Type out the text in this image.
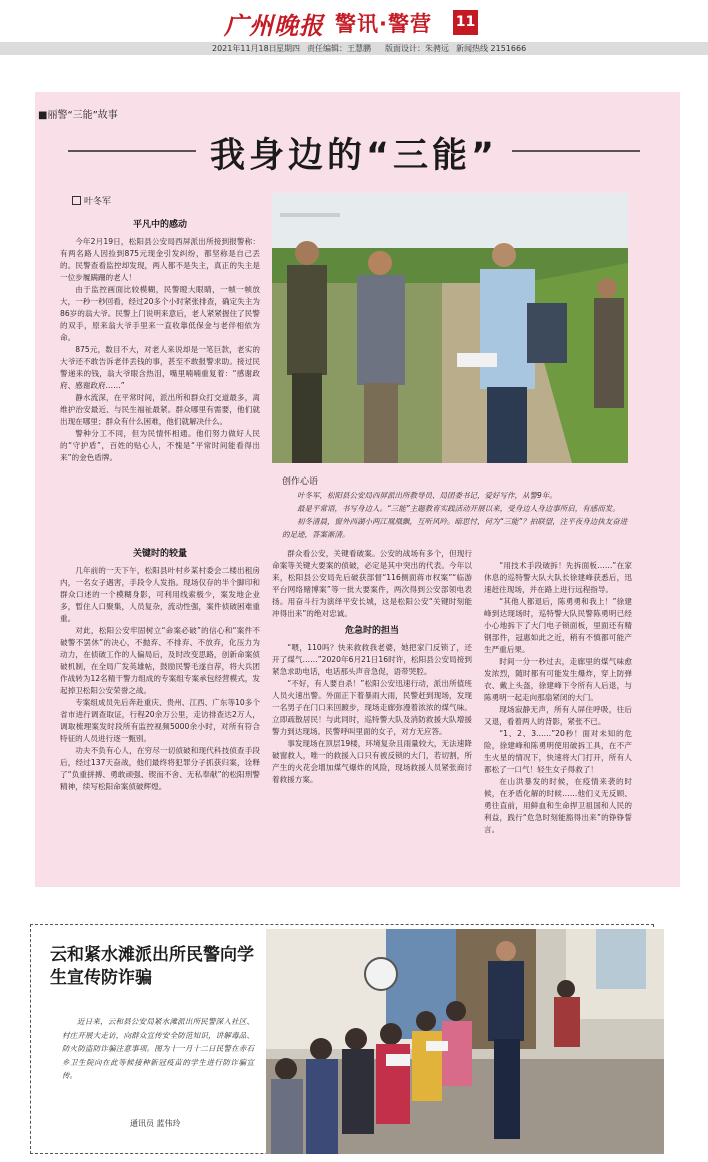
广州晚报 警讯·警营 11
2021年11月18日 星期四 责任编辑：王慧鹏 版面设计：朱骋远 新闻热线 2151666
■丽警“三能”故事
我身边的“三能”
叶冬军
平凡中的感动

今年2月19日，松阳县公安局西屏派出所接到报警称：有两名路人因捡到875元现金引发纠纷，都坚称是自己丢的。民警查看监控却发现，两人都不是失主，真正的失主是一位步履蹒跚的老人！

由于监控画面比较模糊，民警瞪大眼睛，一帧一帧放大，一秒一秒回看，经过20多个小时紧张排查，确定失主为86岁的翁大爷。民警上门说明来意后，老人紧紧握住了民警的双手，原来翁大爷手里来一直收靠低保金与老伴相依为命。

875元，数目不大，对老人来说却是一笔巨款，老实的大爷还不敢告诉老伴丢钱的事，甚至不敢报警求助。接过民警递来的钱，翁大爷眼含热泪，嘴里喃喃重复着：“感谢政府、感谢政府……”

静水流深，在平常时间，派出所和群众打交道最多，离维护治安最近、与民生福祉最紧。群众哪里有需要，他们就出现在哪里；群众有什么困难，他们就解决什么。

警种分工不同，但为民情怀相通。他们努力做好人民的“守护盾”，百姓的贴心人，不愧是“平常时间能看得出来”的金色盾牌。

关键时的较量

几年前的一天下午，松阳县叶村乡某村委会二楼出租房内，一名女子遇害，手段令人发指。现场仅存的半个脚印和群众口述的一个模糊身影，可利用线索极少，案发地企业多，暂住人口聚集，人员复杂，流动性强，案件侦破困难重重。

对此，松阳公安牢固树立“命案必破”的信心和“案件不破警不罢休”的决心，不抛弃、不排弃、不放弃，化压力为动力，在侦破工作的人偏局后，及时改变思路，创新命案侦破机制，在全局广发英雄帖，鼓励民警毛遂自荐，将大兵团作战转为12名精干警力组成的专案组专案承包经营模式，发起掉卫松阳公安荣誉之战。

专案组成员先后奔赴重庆、贵州、江西、广东等10多个省市进行调查取证，行程20余万公里，走访排查达2万人，调取梳理案发时段所有监控视频5000余小时，对所有符合特征的人员进行逐一甄别。

功夫不负有心人，在穷尽一切侦破和现代科技侦查手段后，经过137天奋战，他们最终将犯罪分子抓获归案，诠释了“负重拼搏、勇敢顽强、锲而不舍、无私奉献”的松阳刑警精神，续写松阳命案侦破辉煌。

创作心语

叶冬军，松阳县公安局西屏派出所教导员、局团委书记，爱好写作，从警9年。

最是平常语，书写身边人。“三能”主题教育实践活动开展以来，受身边人身边事所启，有感而发。

初冬清晨，窗外西湖小两江凰凰飘，互听风吟。暗思忖，何为“三能”？拍联望，注平夜身边执友奋进的足迹，答案渐清。

群众看公安，关键看破案。公安的战场有多个，但现行命案等关键大要案的侦破，必定是其中突出的代表。今年以来，松阳县公安局先后破获部督“116侧面蒋市权案”“临游平台网络赌博案”等一批大要案件，两次得到公安部领电表扬。用奋斗行为演绎平安长城，这是松阳公安“关键时刻能冲得出来”的绝对忠诚。

危急时的担当

“喂，110吗？快来救救我老婆，她把家门反锁了，还开了煤气……”2020年6月21日16时许，松阳县公安局接到紧急求助电话，电话那头声音急促，语带哭腔。

“不好，有人要自杀！”松阳公安迅速行动，派出所值班人员火速出警。外面正下着暴雨大雨，民警赶到现场，发现一名男子在门口来回踱步，现场走廊弥漫着浓浓的煤气味。立即疏散居民！与此同时，巡特警大队及消防救援大队增援警力到达现场。民警呼叫里面的女子，对方无应答。

事发现场在顶层19楼，环境复杂且雨量较大，无法速降破窗救人，唯一的救援入口只有被反锁的大门，若切割，所产生的火花会增加煤气爆炸的风险，现场救援人员紧张商讨着救援方案。

“用技术手段破拆！先拆面板……”在家休息的巡特警大队大队长徐建峰获悉后，迅速赶往现场，并在路上进行远程指导。

“其他人都退后，陈勇勇和我上！”徐建峰到达现场时，巡特警大队民警陈勇明已经小心地拆下了大门电子锁面板，里面还有精钢部件，冠惠如此之近，稍有不慎都可能产生严重后果。

时间一分一秒过去，走廊里的煤气味愈发浓烈，随时都有可能发生爆炸，穿上防弹衣、戴上头盔，徐建峰下令所有人后退，与陈勇明一起走向那扇紧闭的大门。

现场寂静无声，所有人屏住呼吸，往后又退，看着两人的背影，紧张不已。

“1、2、3……”20秒！面对未知的危险，徐建峰和陈勇明使用破拆工具，在不产生火星的情况下，快速将大门打开，所有人都松了一口气！轻生女子得救了！

在山洪暴发的时候，在疫情来袭的时候，在矛盾化解的时候……他们义无反顾、勇往直前，用鲜血和生命捍卫祖国和人民的利益，践行“危急时刻能豁得出来”的铮铮誓言。

云和紧水滩派出所民警向学生宣传防诈骗

近日来，云和县公安局紧水滩派出所民警深入社区、村庄开展大走访，向群众宣传安全防范知识，讲解毒品、防火防盗防诈骗注意事项。图为十一月十二日民警在赤石乡卫生院向在此等候接种新冠疫苗的学生进行防诈骗宣传。

通讯员 蓝伟玲
